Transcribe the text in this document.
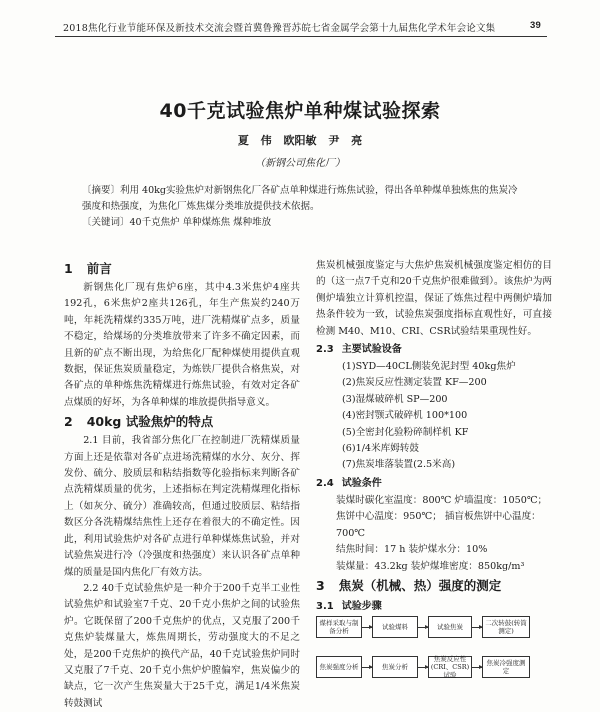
2018焦化行业节能环保及新技术交流会暨首冀鲁豫晋苏皖七省金属学会第十九届焦化学术年会论文集	39
40千克试验焦炉单种煤试验探索
夏 伟 欧阳敏 尹 亮
（新钢公司焦化厂）
〔摘要〕利用 40kg实验焦炉对新钢焦化厂各矿点单种煤进行炼焦试验，得出各单种煤单独炼焦的焦炭冷强度和热强度，为焦化厂炼焦煤分类堆放提供技术依据。
〔关键词〕40千克焦炉 单种煤炼焦 煤种堆放
1 前言

新钢焦化厂现有焦炉6座，其中4.3米焦炉4座共192孔，6米焦炉2座共126孔，年生产焦炭约240万吨，年耗洗精煤约335万吨，进厂洗精煤矿点多，质量不稳定，给煤场的分类堆放带来了许多不确定因素，而且新的矿点不断出现，为给焦化厂配种煤使用提供直观数据，保证焦炭质量稳定，为炼铁厂提供合格焦炭，对各矿点的单种炼焦洗精煤进行炼焦试验，有效对定各矿点煤质的好坏，为各单种煤的堆放提供指导意义。

2 40kg 试验焦炉的特点

2.1 目前，我省部分焦化厂在控制进厂洗精煤质量方面上还是依靠对各矿点进场洗精煤的水分、灰分、挥发份、硫分、胶质层和粘结指数等化验指标来判断各矿点洗精煤质量的优劣，上述指标在判定洗精煤理化指标上（如灰分、硫分）准确较高，但通过胶质层、粘结指数区分各洗精煤结焦性上还存在着很大的不确定性。因此，利用试验焦炉对各矿点进行单种煤炼焦试验，并对试验焦炭进行冷（冷强度和热强度）来认识各矿点单种煤的质量是国内焦化厂有效方法。

2.2 40千克试验焦炉是一种介于200千克半工业性试验焦炉和试验室7千克、20千克小焦炉之间的试验焦炉。它既保留了200千克焦炉的优点，又克服了200千克焦炉装煤量大，炼焦周期长，劳动强度大的不足之处，是200千克焦炉的换代产品，40千克试验焦炉同时又克服了7千克、20千克小焦炉炉膛偏窄，焦炭偏少的缺点，它一次产生焦炭量大于25千克，满足1/4米焦炭转鼓测试

焦炭机械强度鉴定与大焦炉焦炭机械强度鉴定相仿的目的（这一点7千克和20千克焦炉很难做到）。该焦炉为两侧炉墙独立计算机控温，保证了炼焦过程中两侧炉墙加热条件较为一致，试验焦炭强度指标直观性好，可直接检测 M40、M10、CRI、CSR试验结果重现性好。

2.3 主要试验设备
(1)SYD—40CL侧装免泥封型 40kg焦炉
(2)焦炭反应性测定装置 KF—200
(3)湿煤破碎机 SP—200
(4)密封颚式破碎机 100*100
(5)全密封化验粉碎制样机 KF
(6)1/4米库姆转鼓
(7)焦炭堆落装置(2.5米高)
2.4 试验条件
装煤时碳化室温度：800℃ 炉墙温度：1050℃；
焦饼中心温度：950℃； 插盲板焦饼中心温度：700℃
结焦时间：17 h 装炉煤水分：10%
装煤量：43.2kg 装炉煤堆密度：850kg/m³
3 焦炭（机械、热）强度的测定
3.1 试验步骤
煤样采取与制备分析	试验煤料	试验焦炭	二次转鼓(转筒测定)
焦炭强度分析	焦炭分析
焦炭反应性(CRI、CSR)试验
焦炭冷强度测定
